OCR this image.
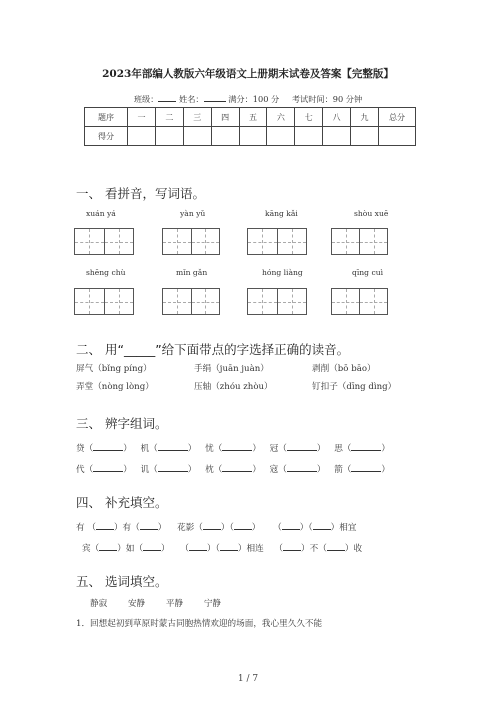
2023年部编人教版六年级语文上册期末试卷及答案【完整版】
班级：	姓名：	满分：100 分 考试时间：90 分钟
题序	一	二	三	四	五	六	七	八	九	总分
得分										
一、 看拼音，写词语。
xuán yá	yàn yǔ	kāng kǎi	shòu xuē
shēng chù	mǐn gǎn	hóng liàng	qīng cuì
二、 用“_____”给下面带点的字选择正确的读音。
屏气（bǐng píng）	手绢（juān juàn）	剥削（bō bāo）
弄堂（nòng lòng）	压轴（zhóu zhòu）	钉扣子（dīng dìng）
三、 辨字组词。
贷（	） 机（	） 忧（	） 冠（	） 思（	）
代（	） 讥（	） 枕（	） 寇（	） 箭（	）
四、 补充填空。
有 （ ）有（ ） 花影（ ）（ ） （ ）（ ）相宜
宾（ ）如（ ） （ ）（ ）相连 （ ）不（ ）收
五、 选词填空。
静寂 安静 平静 宁静
1．回想起初到草原时蒙古同胞热情欢迎的场面，我心里久久不能
1 / 7
